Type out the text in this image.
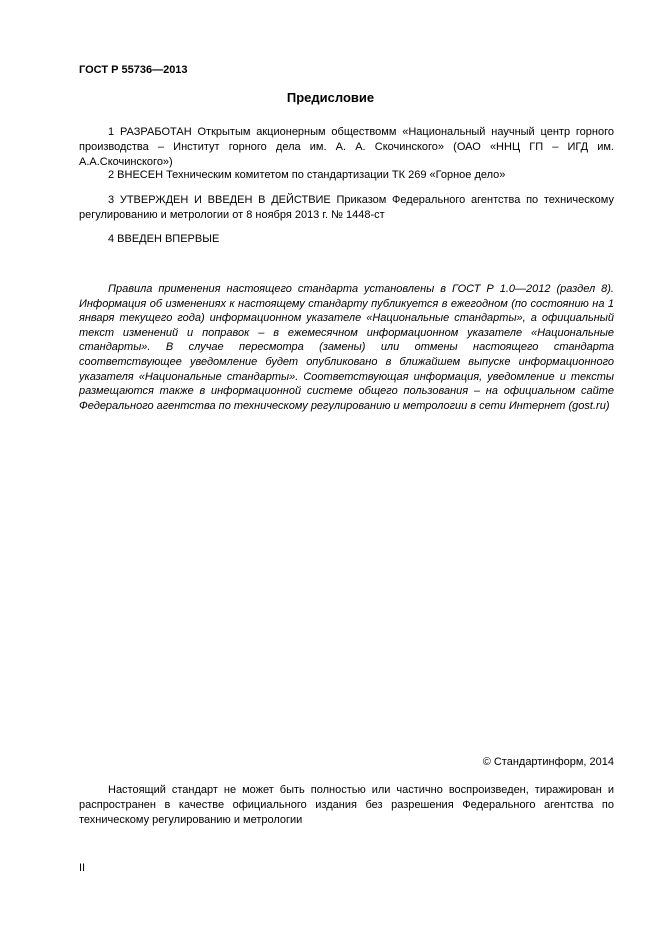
ГОСТ Р 55736—2013
Предисловие
1 РАЗРАБОТАН Открытым акционерным обществомм «Национальный научный центр горного производства – Институт горного дела им. А. А. Скочинского» (ОАО «ННЦ ГП – ИГД им. А.А.Скочинского»)
2 ВНЕСЕН Техническим комитетом по стандартизации ТК 269 «Горное дело»
3 УТВЕРЖДЕН И ВВЕДЕН В ДЕЙСТВИЕ Приказом Федерального агентства по техническому регулированию и метрологии от 8 ноября 2013 г. № 1448-ст
4 ВВЕДЕН ВПЕРВЫЕ
Правила применения настоящего стандарта установлены в ГОСТ Р 1.0—2012 (раздел 8). Информация об изменениях к настоящему стандарту публикуется в ежегодном (по состоянию на 1 января текущего года) информационном указателе «Национальные стандарты», а официальный текст изменений и поправок – в ежемесячном информационном указателе «Национальные стандарты». В случае пересмотра (замены) или отмены настоящего стандарта соответствующее уведомление будет опубликовано в ближайшем выпуске информационного указателя «Национальные стандарты». Соответствующая информация, уведомление и тексты размещаются также в информационной системе общего пользования – на официальном сайте Федерального агентства по техническому регулированию и метрологии в сети Интернет (gost.ru)
© Стандартинформ, 2014
Настоящий стандарт не может быть полностью или частично воспроизведен, тиражирован и распространен в качестве официального издания без разрешения Федерального агентства по техническому регулированию и метрологии
II
